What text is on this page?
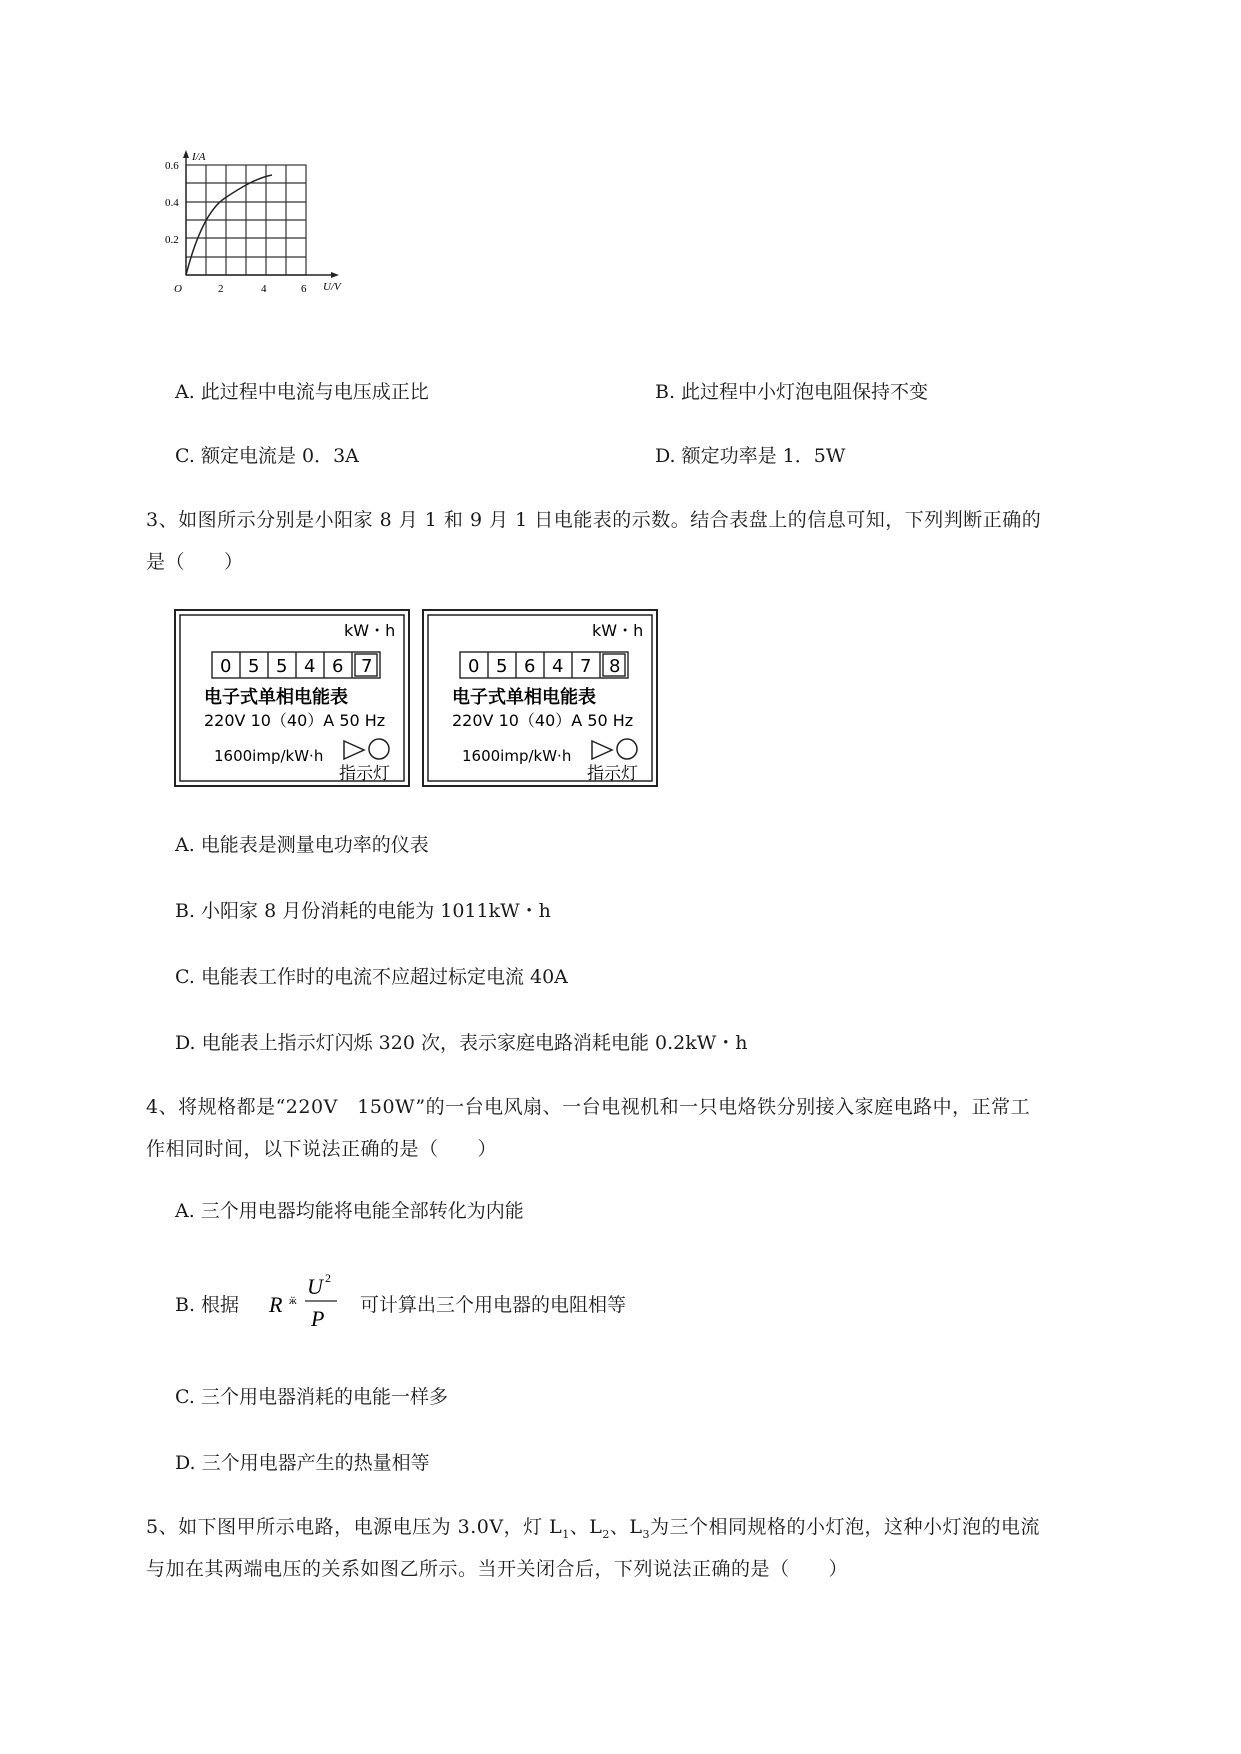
I/A
U/V
O
0.6
0.4
0.2
2	4	6
A. 此过程中电流与电压成正比	B. 此过程中小灯泡电阻保持不变
C. 额定电流是 0．3A	D. 额定功率是 1．5W
3、如图所示分别是小阳家 8 月 1 和 9 月 1 日电能表的示数。结合表盘上的信息可知，下列判断正确的
是（　　）
kW・h
0 5 5 4 6 7
电子式单相电能表
220V 10（40）A 50 Hz
1600imp/kW·h
指示灯
kW・h
0 5 6 4 7 8
电子式单相电能表
220V 10（40）A 50 Hz
1600imp/kW·h
指示灯
A. 电能表是测量电功率的仪表
B. 小阳家 8 月份消耗的电能为 1011kW・h
C. 电能表工作时的电流不应超过标定电流 40A
D. 电能表上指示灯闪烁 320 次，表示家庭电路消耗电能 0.2kW・h
4、将规格都是“220V　150W”的一台电风扇、一台电视机和一只电烙铁分别接入家庭电路中，正常工
作相同时间，以下说法正确的是（　　）
A. 三个用电器均能将电能全部转化为内能
B. 根据 R ӂ
U 2
P
可计算出三个用电器的电阻相等
C. 三个用电器消耗的电能一样多
D. 三个用电器产生的热量相等
5、如下图甲所示电路，电源电压为 3.0V，灯 $L_1$、$L_2$、$L_3$为三个相同规格的小灯泡，这种小灯泡的电流
与加在其两端电压的关系如图乙所示。当开关闭合后，下列说法正确的是（　　）
